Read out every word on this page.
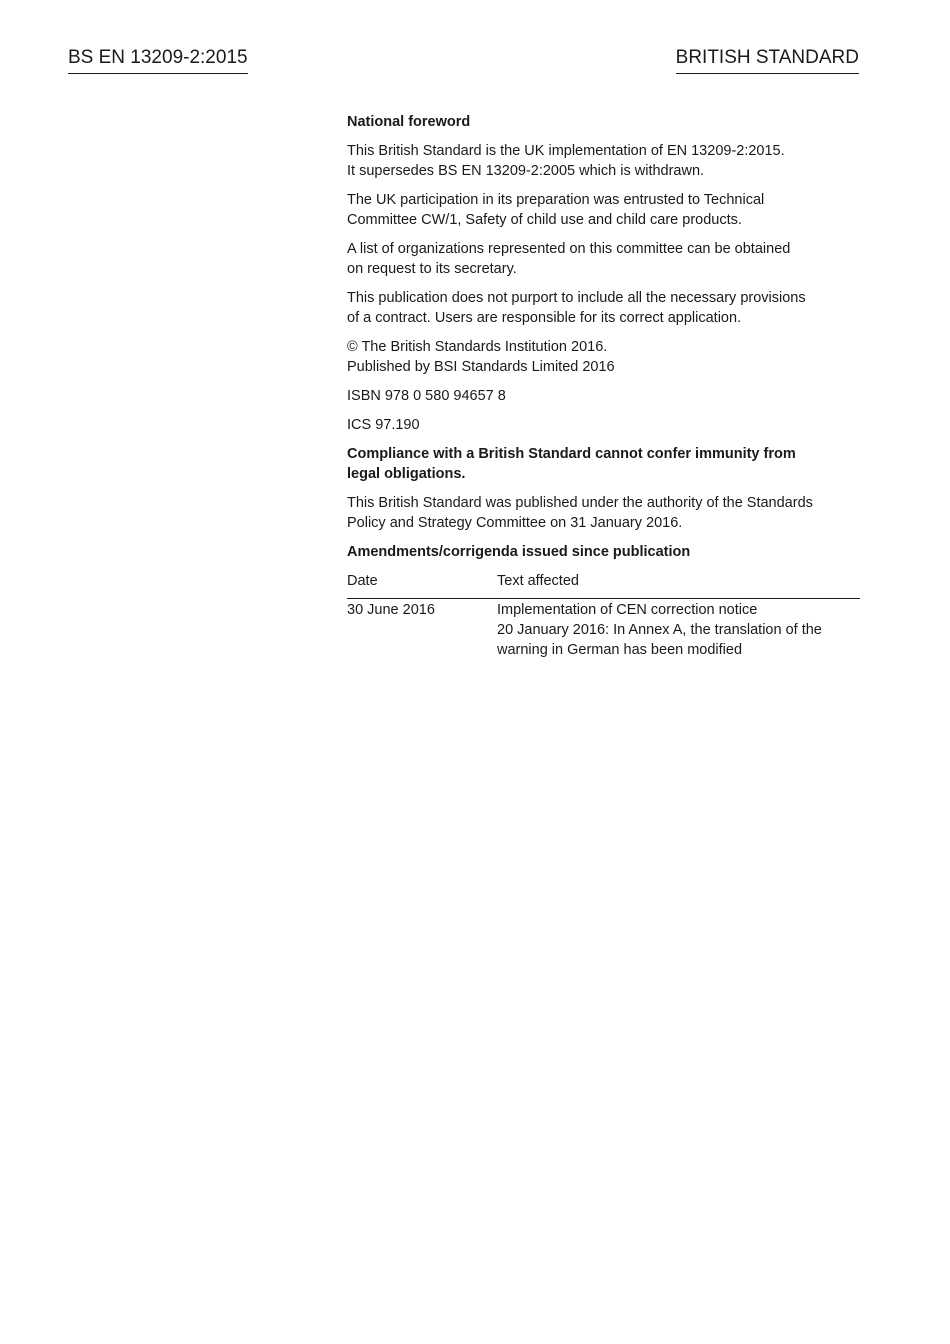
BS EN 13209-2:2015	BRITISH STANDARD

National foreword

This British Standard is the UK implementation of EN 13209-2:2015.
It supersedes BS EN 13209-2:2005 which is withdrawn.

The UK participation in its preparation was entrusted to Technical
Committee CW/1, Safety of child use and child care products.

A list of organizations represented on this committee can be obtained
on request to its secretary.

This publication does not purport to include all the necessary provisions
of a contract. Users are responsible for its correct application.

© The British Standards Institution 2016.
Published by BSI Standards Limited 2016

ISBN 978 0 580 94657 8

ICS 97.190

Compliance with a British Standard cannot confer immunity from
legal obligations.

This British Standard was published under the authority of the Standards
Policy and Strategy Committee on 31 January 2016.

Amendments/corrigenda issued since publication

Date	Text affected
30 June 2016	Implementation of CEN correction notice
20 January 2016: In Annex A, the translation of the
warning in German has been modified
